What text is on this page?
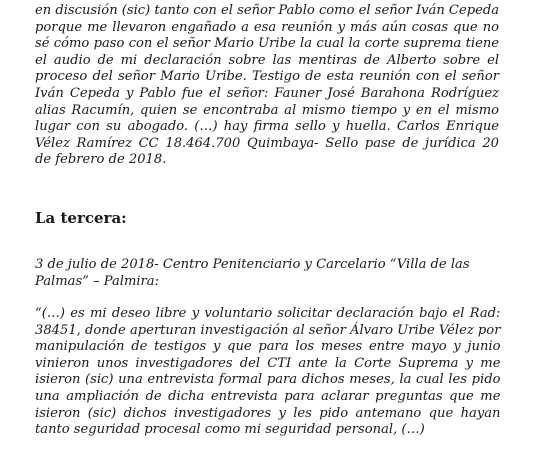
en discusión (sic) tanto con el señor Pablo como el señor Iván Cepeda
porque me llevaron engañado a esa reunión y más aún cosas que no
sé cómo paso con el señor Mario Uribe la cual la corte suprema tiene
el audio de mi declaración sobre las mentiras de Alberto sobre el
proceso del señor Mario Uribe. Testigo de esta reunión con el señor
Iván Cepeda y Pablo fue el señor: Fauner José Barahona Rodríguez
alias Racumín, quien se encontraba al mismo tiempo y en el mismo
lugar con su abogado. (…) hay firma sello y huella. Carlos Enrique
Vélez Ramírez CC 18.464.700 Quimbaya- Sello pase de jurídica 20
de febrero de 2018.
La tercera:
3 de julio de 2018- Centro Penitenciario y Carcelario “Villa de las
Palmas” – Palmira:
“(…) es mi deseo libre y voluntario solicitar declaración bajo el Rad:
38451, donde aperturan investigación al señor Álvaro Uribe Vélez por
manipulación de testigos y que para los meses entre mayo y junio
vinieron unos investigadores del CTI ante la Corte Suprema y me
isieron (sic) una entrevista formal para dichos meses, la cual les pido
una ampliación de dicha entrevista para aclarar preguntas que me
isieron (sic) dichos investigadores y les pido antemano que hayan
tanto seguridad procesal como mi seguridad personal, (…)
